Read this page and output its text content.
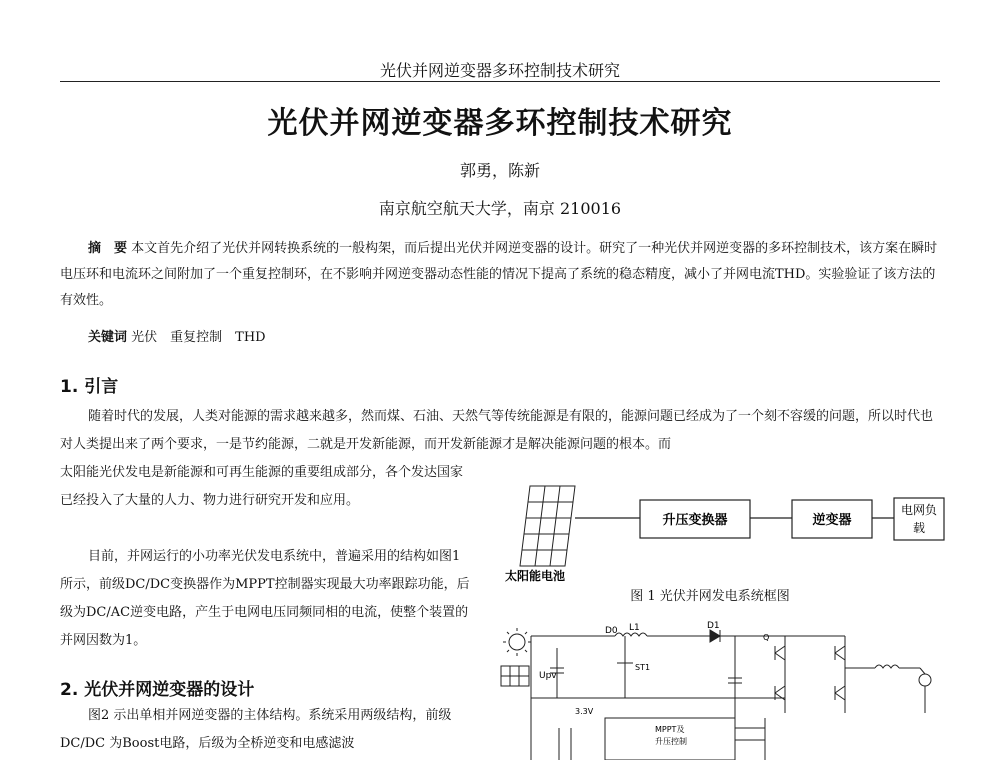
光伏并网逆变器多环控制技术研究
光伏并网逆变器多环控制技术研究
郭勇，陈新
南京航空航天大学，南京 210016
摘　要 本文首先介绍了光伏并网转换系统的一般构架，而后提出光伏并网逆变器的设计。研究了一种光伏并网逆变器的多环控制技术，该方案在瞬时电压环和电流环之间附加了一个重复控制环，在不影响并网逆变器动态性能的情况下提高了系统的稳态精度，减小了并网电流THD。实验验证了该方法的有效性。
关键词 光伏　重复控制　THD
1. 引言
随着时代的发展，人类对能源的需求越来越多，然而煤、石油、天然气等传统能源是有限的，能源问题已经成为了一个刻不容缓的问题，所以时代也对人类提出来了两个要求，一是节约能源，二就是开发新能源，而开发新能源才是解决能源问题的根本。而
太阳能光伏发电是新能源和可再生能源的重要组成部分，各个发达国家已经投入了大量的人力、物力进行研究开发和应用。
目前，并网运行的小功率光伏发电系统中，普遍采用的结构如图1所示，前级DC/DC变换器作为MPPT控制器实现最大功率跟踪功能，后级为DC/AC逆变电路，产生于电网电压同频同相的电流，使整个装置的并网因数为1。
2. 光伏并网逆变器的设计
图2 示出单相并网逆变器的主体结构。系统采用两级结构，前级DC/DC 为Boost电路，后级为全桥逆变和电感滤波
升压变换器	逆变器
电网负
载
太阳能电池
图 1 光伏并网发电系统框图
D0 L1	D1
Upv
ST1
Q
3.3V
MPPT及
升压控制
